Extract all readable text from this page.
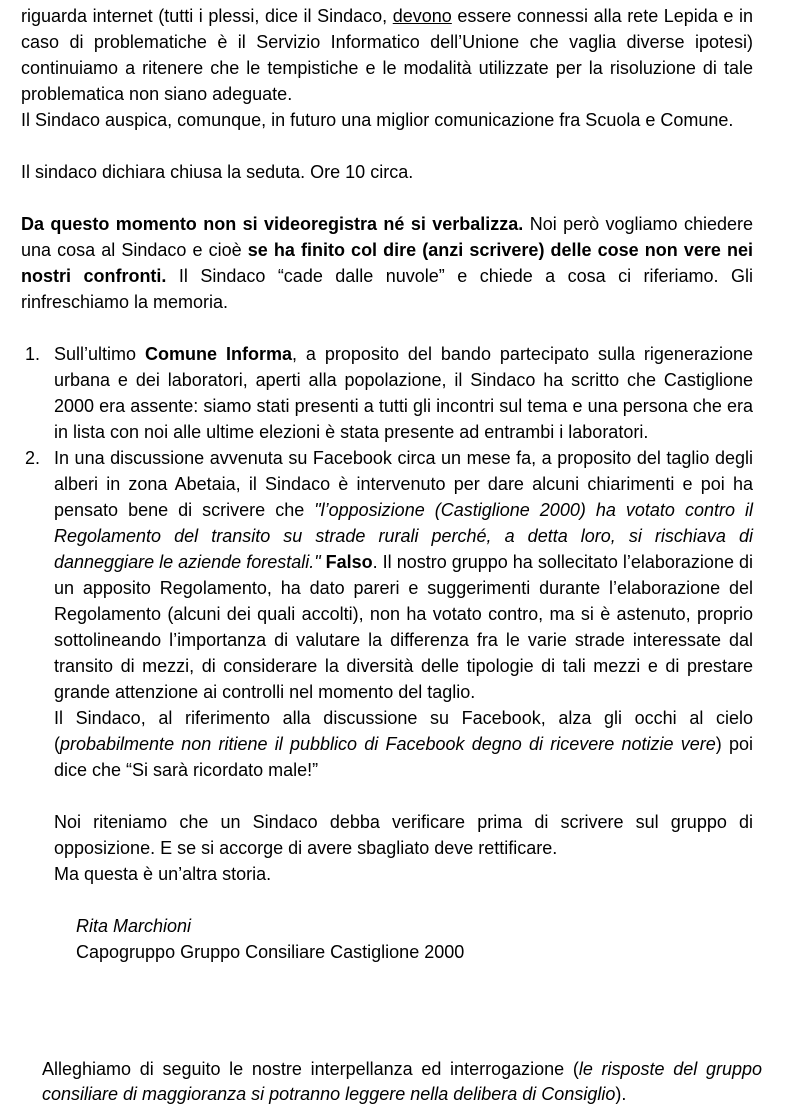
riguarda internet (tutti i plessi, dice il Sindaco, devono essere connessi alla rete Lepida e in caso di problematiche è il Servizio Informatico dell’Unione che vaglia diverse ipotesi) continuiamo a ritenere che le tempistiche e le modalità utilizzate per la risoluzione di tale problematica non siano adeguate.

Il Sindaco auspica, comunque, in futuro una miglior comunicazione fra Scuola e Comune.

Il sindaco dichiara chiusa la seduta. Ore 10 circa.

Da questo momento non si videoregistra né si verbalizza. Noi però vogliamo chiedere una cosa al Sindaco e cioè se ha finito col dire (anzi scrivere) delle cose non vere nei nostri confronti. Il Sindaco “cade dalle nuvole” e chiede a cosa ci riferiamo. Gli rinfreschiamo la memoria.

1. Sull’ultimo Comune Informa, a proposito del bando partecipato sulla rigenerazione urbana e dei laboratori, aperti alla popolazione, il Sindaco ha scritto che Castiglione 2000 era assente: siamo stati presenti a tutti gli incontri sul tema e una persona che era in lista con noi alle ultime elezioni è stata presente ad entrambi i laboratori.
2. In una discussione avvenuta su Facebook circa un mese fa, a proposito del taglio degli alberi in zona Abetaia, il Sindaco è intervenuto per dare alcuni chiarimenti e poi ha pensato bene di scrivere che "l’opposizione (Castiglione 2000) ha votato contro il Regolamento del transito su strade rurali perché, a detta loro, si rischiava di danneggiare le aziende forestali." Falso. Il nostro gruppo ha sollecitato l’elaborazione di un apposito Regolamento, ha dato pareri e suggerimenti durante l’elaborazione del Regolamento (alcuni dei quali accolti), non ha votato contro, ma si è astenuto, proprio sottolineando l’importanza di valutare la differenza fra le varie strade interessate dal transito di mezzi, di considerare la diversità delle tipologie di tali mezzi e di prestare grande attenzione ai controlli nel momento del taglio.

Il Sindaco, al riferimento alla discussione su Facebook, alza gli occhi al cielo (probabilmente non ritiene il pubblico di Facebook degno di ricevere notizie vere) poi dice che “Si sarà ricordato male!”

Noi riteniamo che un Sindaco debba verificare prima di scrivere sul gruppo di opposizione. E se si accorge di avere sbagliato deve rettificare.

Ma questa è un’altra storia.

Rita Marchioni

Capogruppo Gruppo Consiliare Castiglione 2000

Alleghiamo di seguito le nostre interpellanza ed interrogazione (le risposte del gruppo consiliare di maggioranza si potranno leggere nella delibera di Consiglio).
